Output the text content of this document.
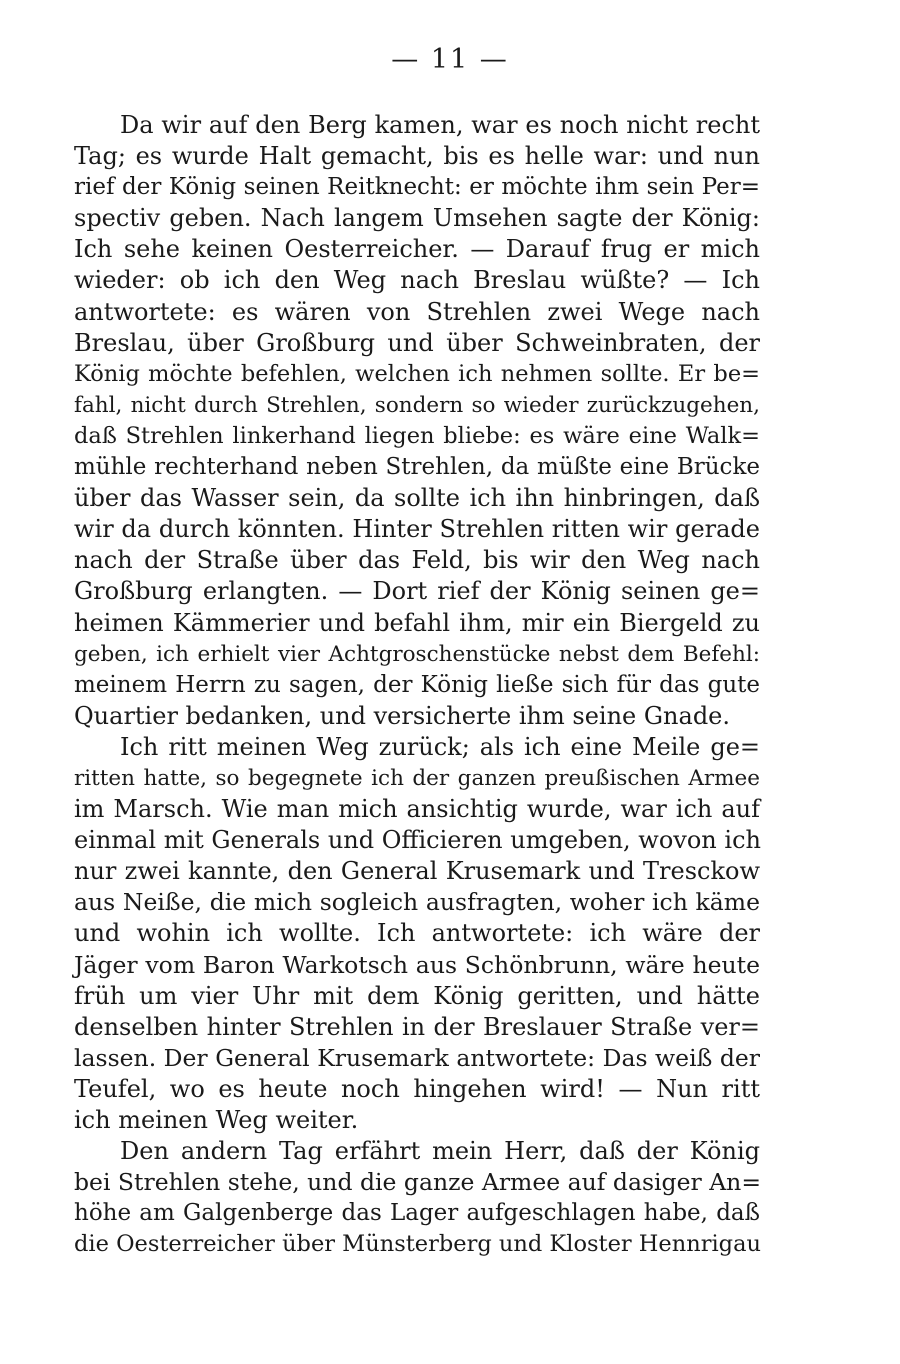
— 11 —
Da wir auf den Berg kamen, war es noch nicht recht
Tag; es wurde Halt gemacht, bis es helle war: und nun
rief der König seinen Reitknecht: er möchte ihm sein Per=
spectiv geben. Nach langem Umsehen sagte der König:
Ich sehe keinen Oesterreicher. — Darauf frug er mich
wieder: ob ich den Weg nach Breslau wüßte? — Ich
antwortete: es wären von Strehlen zwei Wege nach
Breslau, über Großburg und über Schweinbraten, der
König möchte befehlen, welchen ich nehmen sollte. Er be=
fahl, nicht durch Strehlen, sondern so wieder zurückzugehen,
daß Strehlen linkerhand liegen bliebe: es wäre eine Walk=
mühle rechterhand neben Strehlen, da müßte eine Brücke
über das Wasser sein, da sollte ich ihn hinbringen, daß
wir da durch könnten. Hinter Strehlen ritten wir gerade
nach der Straße über das Feld, bis wir den Weg nach
Großburg erlangten. — Dort rief der König seinen ge=
heimen Kämmerier und befahl ihm, mir ein Biergeld zu
geben, ich erhielt vier Achtgroschenstücke nebst dem Befehl:
meinem Herrn zu sagen, der König ließe sich für das gute
Quartier bedanken, und versicherte ihm seine Gnade.
Ich ritt meinen Weg zurück; als ich eine Meile ge=
ritten hatte, so begegnete ich der ganzen preußischen Armee
im Marsch. Wie man mich ansichtig wurde, war ich auf
einmal mit Generals und Officieren umgeben, wovon ich
nur zwei kannte, den General Krusemark und Tresckow
aus Neiße, die mich sogleich ausfragten, woher ich käme
und wohin ich wollte. Ich antwortete: ich wäre der
Jäger vom Baron Warkotsch aus Schönbrunn, wäre heute
früh um vier Uhr mit dem König geritten, und hätte
denselben hinter Strehlen in der Breslauer Straße ver=
lassen. Der General Krusemark antwortete: Das weiß der
Teufel, wo es heute noch hingehen wird! — Nun ritt
ich meinen Weg weiter.
Den andern Tag erfährt mein Herr, daß der König
bei Strehlen stehe, und die ganze Armee auf dasiger An=
höhe am Galgenberge das Lager aufgeschlagen habe, daß
die Oesterreicher über Münsterberg und Kloster Hennrigau
